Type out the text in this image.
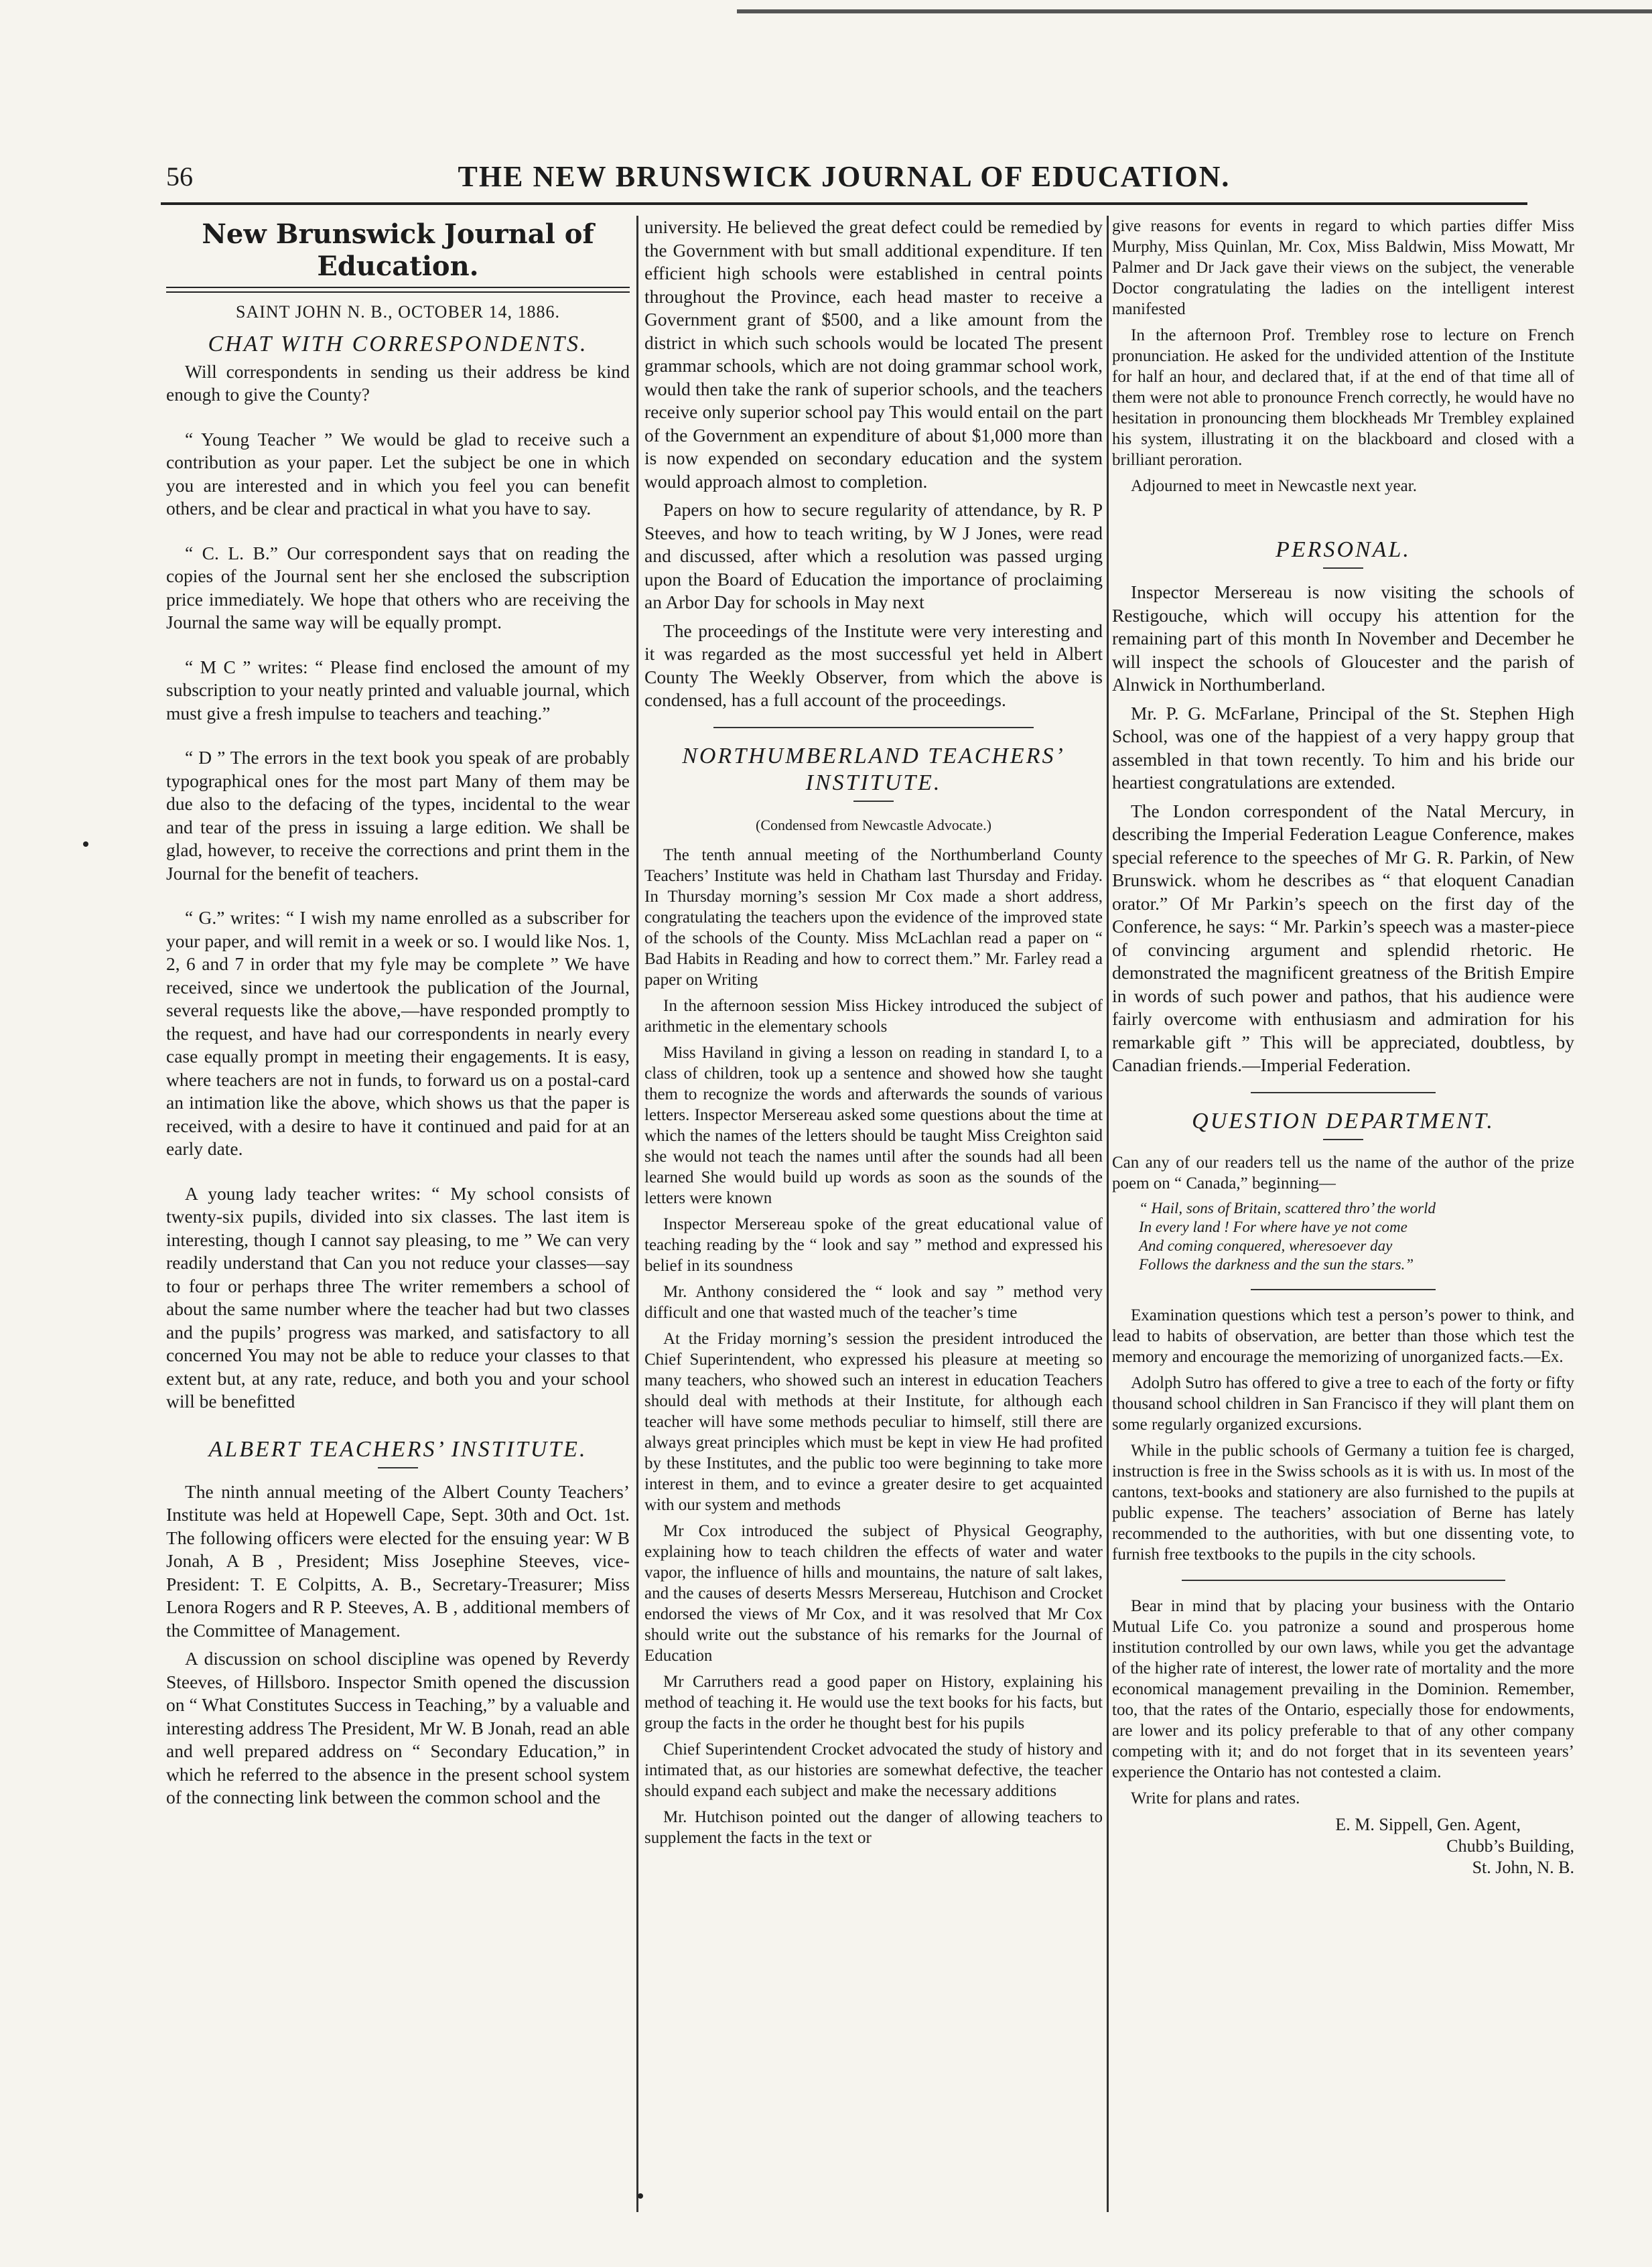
56	THE NEW BRUNSWICK JOURNAL OF EDUCATION.
New Brunswick Journal of Education.
SAINT JOHN N. B., OCTOBER 14, 1886.
CHAT WITH CORRESPONDENTS.

Will correspondents in sending us their address be kind enough to give the County?

“ Young Teacher ” We would be glad to receive such a contribution as your paper. Let the subject be one in which you are interested and in which you feel you can benefit others, and be clear and practical in what you have to say.

“ C. L. B.” Our correspondent says that on reading the copies of the Journal sent her she enclosed the subscription price immediately. We hope that others who are receiving the Journal the same way will be equally prompt.

“ M C ” writes: “ Please find enclosed the amount of my subscription to your neatly printed and valuable journal, which must give a fresh impulse to teachers and teaching.”

“ D ” The errors in the text book you speak of are probably typographical ones for the most part Many of them may be due also to the defacing of the types, incidental to the wear and tear of the press in issuing a large edition. We shall be glad, however, to receive the corrections and print them in the Journal for the benefit of teachers.

“ G.” writes: “ I wish my name enrolled as a subscriber for your paper, and will remit in a week or so. I would like Nos. 1, 2, 6 and 7 in order that my fyle may be complete ” We have received, since we undertook the publication of the Journal, several requests like the above,—have responded promptly to the request, and have had our correspondents in nearly every case equally prompt in meeting their engagements. It is easy, where teachers are not in funds, to forward us on a postal-card an intimation like the above, which shows us that the paper is received, with a desire to have it continued and paid for at an early date.

A young lady teacher writes: “ My school consists of twenty-six pupils, divided into six classes. The last item is interesting, though I cannot say pleasing, to me ” We can very readily understand that Can you not reduce your classes—say to four or perhaps three The writer remembers a school of about the same number where the teacher had but two classes and the pupils’ progress was marked, and satisfactory to all concerned You may not be able to reduce your classes to that extent but, at any rate, reduce, and both you and your school will be benefitted

ALBERT TEACHERS’ INSTITUTE.

The ninth annual meeting of the Albert County Teachers’ Institute was held at Hopewell Cape, Sept. 30th and Oct. 1st. The following officers were elected for the ensuing year: W B Jonah, A B , President; Miss Josephine Steeves, vice-President: T. E Colpitts, A. B., Secretary-Treasurer; Miss Lenora Rogers and R P. Steeves, A. B , additional members of the Committee of Management.

A discussion on school discipline was opened by Reverdy Steeves, of Hillsboro. Inspector Smith opened the discussion on “ What Constitutes Success in Teaching,” by a valuable and interesting address The President, Mr W. B Jonah, read an able and well prepared address on “ Secondary Education,” in which he referred to the absence in the present school system of the connecting link between the common school and the

university. He believed the great defect could be remedied by the Government with but small additional expenditure. If ten efficient high schools were established in central points throughout the Province, each head master to receive a Government grant of $500, and a like amount from the district in which such schools would be located The present grammar schools, which are not doing grammar school work, would then take the rank of superior schools, and the teachers receive only superior school pay This would entail on the part of the Government an expenditure of about $1,000 more than is now expended on secondary education and the system would approach almost to completion.

Papers on how to secure regularity of attendance, by R. P Steeves, and how to teach writing, by W J Jones, were read and discussed, after which a resolution was passed urging upon the Board of Education the importance of proclaiming an Arbor Day for schools in May next

The proceedings of the Institute were very interesting and it was regarded as the most successful yet held in Albert County The Weekly Observer, from which the above is condensed, has a full account of the proceedings.

NORTHUMBERLAND TEACHERS’ INSTITUTE.
(Condensed from Newcastle Advocate.)

The tenth annual meeting of the Northumberland County Teachers’ Institute was held in Chatham last Thursday and Friday. In Thursday morning’s session Mr Cox made a short address, congratulating the teachers upon the evidence of the improved state of the schools of the County. Miss McLachlan read a paper on “ Bad Habits in Reading and how to correct them.” Mr. Farley read a paper on Writing

In the afternoon session Miss Hickey introduced the subject of arithmetic in the elementary schools

Miss Haviland in giving a lesson on reading in standard I, to a class of children, took up a sentence and showed how she taught them to recognize the words and afterwards the sounds of various letters. Inspector Mersereau asked some questions about the time at which the names of the letters should be taught Miss Creighton said she would not teach the names until after the sounds had all been learned She would build up words as soon as the sounds of the letters were known

Inspector Mersereau spoke of the great educational value of teaching reading by the “ look and say ” method and expressed his belief in its soundness

Mr. Anthony considered the “ look and say ” method very difficult and one that wasted much of the teacher’s time

At the Friday morning’s session the president introduced the Chief Superintendent, who expressed his pleasure at meeting so many teachers, who showed such an interest in education Teachers should deal with methods at their Institute, for although each teacher will have some methods peculiar to himself, still there are always great principles which must be kept in view He had profited by these Institutes, and the public too were beginning to take more interest in them, and to evince a greater desire to get acquainted with our system and methods

Mr Cox introduced the subject of Physical Geography, explaining how to teach children the effects of water and water vapor, the influence of hills and mountains, the nature of salt lakes, and the causes of deserts Messrs Mersereau, Hutchison and Crocket endorsed the views of Mr Cox, and it was resolved that Mr Cox should write out the substance of his remarks for the Journal of Education

Mr Carruthers read a good paper on History, explaining his method of teaching it. He would use the text books for his facts, but group the facts in the order he thought best for his pupils

Chief Superintendent Crocket advocated the study of history and intimated that, as our histories are somewhat defective, the teacher should expand each subject and make the necessary additions

Mr. Hutchison pointed out the danger of allowing teachers to supplement the facts in the text or

give reasons for events in regard to which parties differ Miss Murphy, Miss Quinlan, Mr. Cox, Miss Baldwin, Miss Mowatt, Mr Palmer and Dr Jack gave their views on the subject, the venerable Doctor congratulating the ladies on the intelligent interest manifested

In the afternoon Prof. Trembley rose to lecture on French pronunciation. He asked for the undivided attention of the Institute for half an hour, and declared that, if at the end of that time all of them were not able to pronounce French correctly, he would have no hesitation in pronouncing them blockheads Mr Trembley explained his system, illustrating it on the blackboard and closed with a brilliant peroration.

Adjourned to meet in Newcastle next year.

PERSONAL.

Inspector Mersereau is now visiting the schools of Restigouche, which will occupy his attention for the remaining part of this month In November and December he will inspect the schools of Gloucester and the parish of Alnwick in Northumberland.

Mr. P. G. McFarlane, Principal of the St. Stephen High School, was one of the happiest of a very happy group that assembled in that town recently. To him and his bride our heartiest congratulations are extended.

The London correspondent of the Natal Mercury, in describing the Imperial Federation League Conference, makes special reference to the speeches of Mr G. R. Parkin, of New Brunswick. whom he describes as “ that eloquent Canadian orator.” Of Mr Parkin’s speech on the first day of the Conference, he says: “ Mr. Parkin’s speech was a master-piece of convincing argument and splendid rhetoric. He demonstrated the magnificent greatness of the British Empire in words of such power and pathos, that his audience were fairly overcome with enthusiasm and admiration for his remarkable gift ” This will be appreciated, doubtless, by Canadian friends.—Imperial Federation.

QUESTION DEPARTMENT.

Can any of our readers tell us the name of the author of the prize poem on “ Canada,” beginning—

“ Hail, sons of Britain, scattered thro’ the world
In every land ! For where have ye not come
And coming conquered, wheresoever day
Follows the darkness and the sun the stars.”

Examination questions which test a person’s power to think, and lead to habits of observation, are better than those which test the memory and encourage the memorizing of unorganized facts.—Ex.

Adolph Sutro has offered to give a tree to each of the forty or fifty thousand school children in San Francisco if they will plant them on some regularly organized excursions.

While in the public schools of Germany a tuition fee is charged, instruction is free in the Swiss schools as it is with us. In most of the cantons, text-books and stationery are also furnished to the pupils at public expense. The teachers’ association of Berne has lately recommended to the authorities, with but one dissenting vote, to furnish free textbooks to the pupils in the city schools.

Bear in mind that by placing your business with the Ontario Mutual Life Co. you patronize a sound and prosperous home institution controlled by our own laws, while you get the advantage of the higher rate of interest, the lower rate of mortality and the more economical management prevailing in the Dominion. Remember, too, that the rates of the Ontario, especially those for endowments, are lower and its policy preferable to that of any other company competing with it; and do not forget that in its seventeen years’ experience the Ontario has not contested a claim.

Write for plans and rates.

E. M. Sippell, Gen. Agent,
Chubb’s Building,
St. John, N. B.
